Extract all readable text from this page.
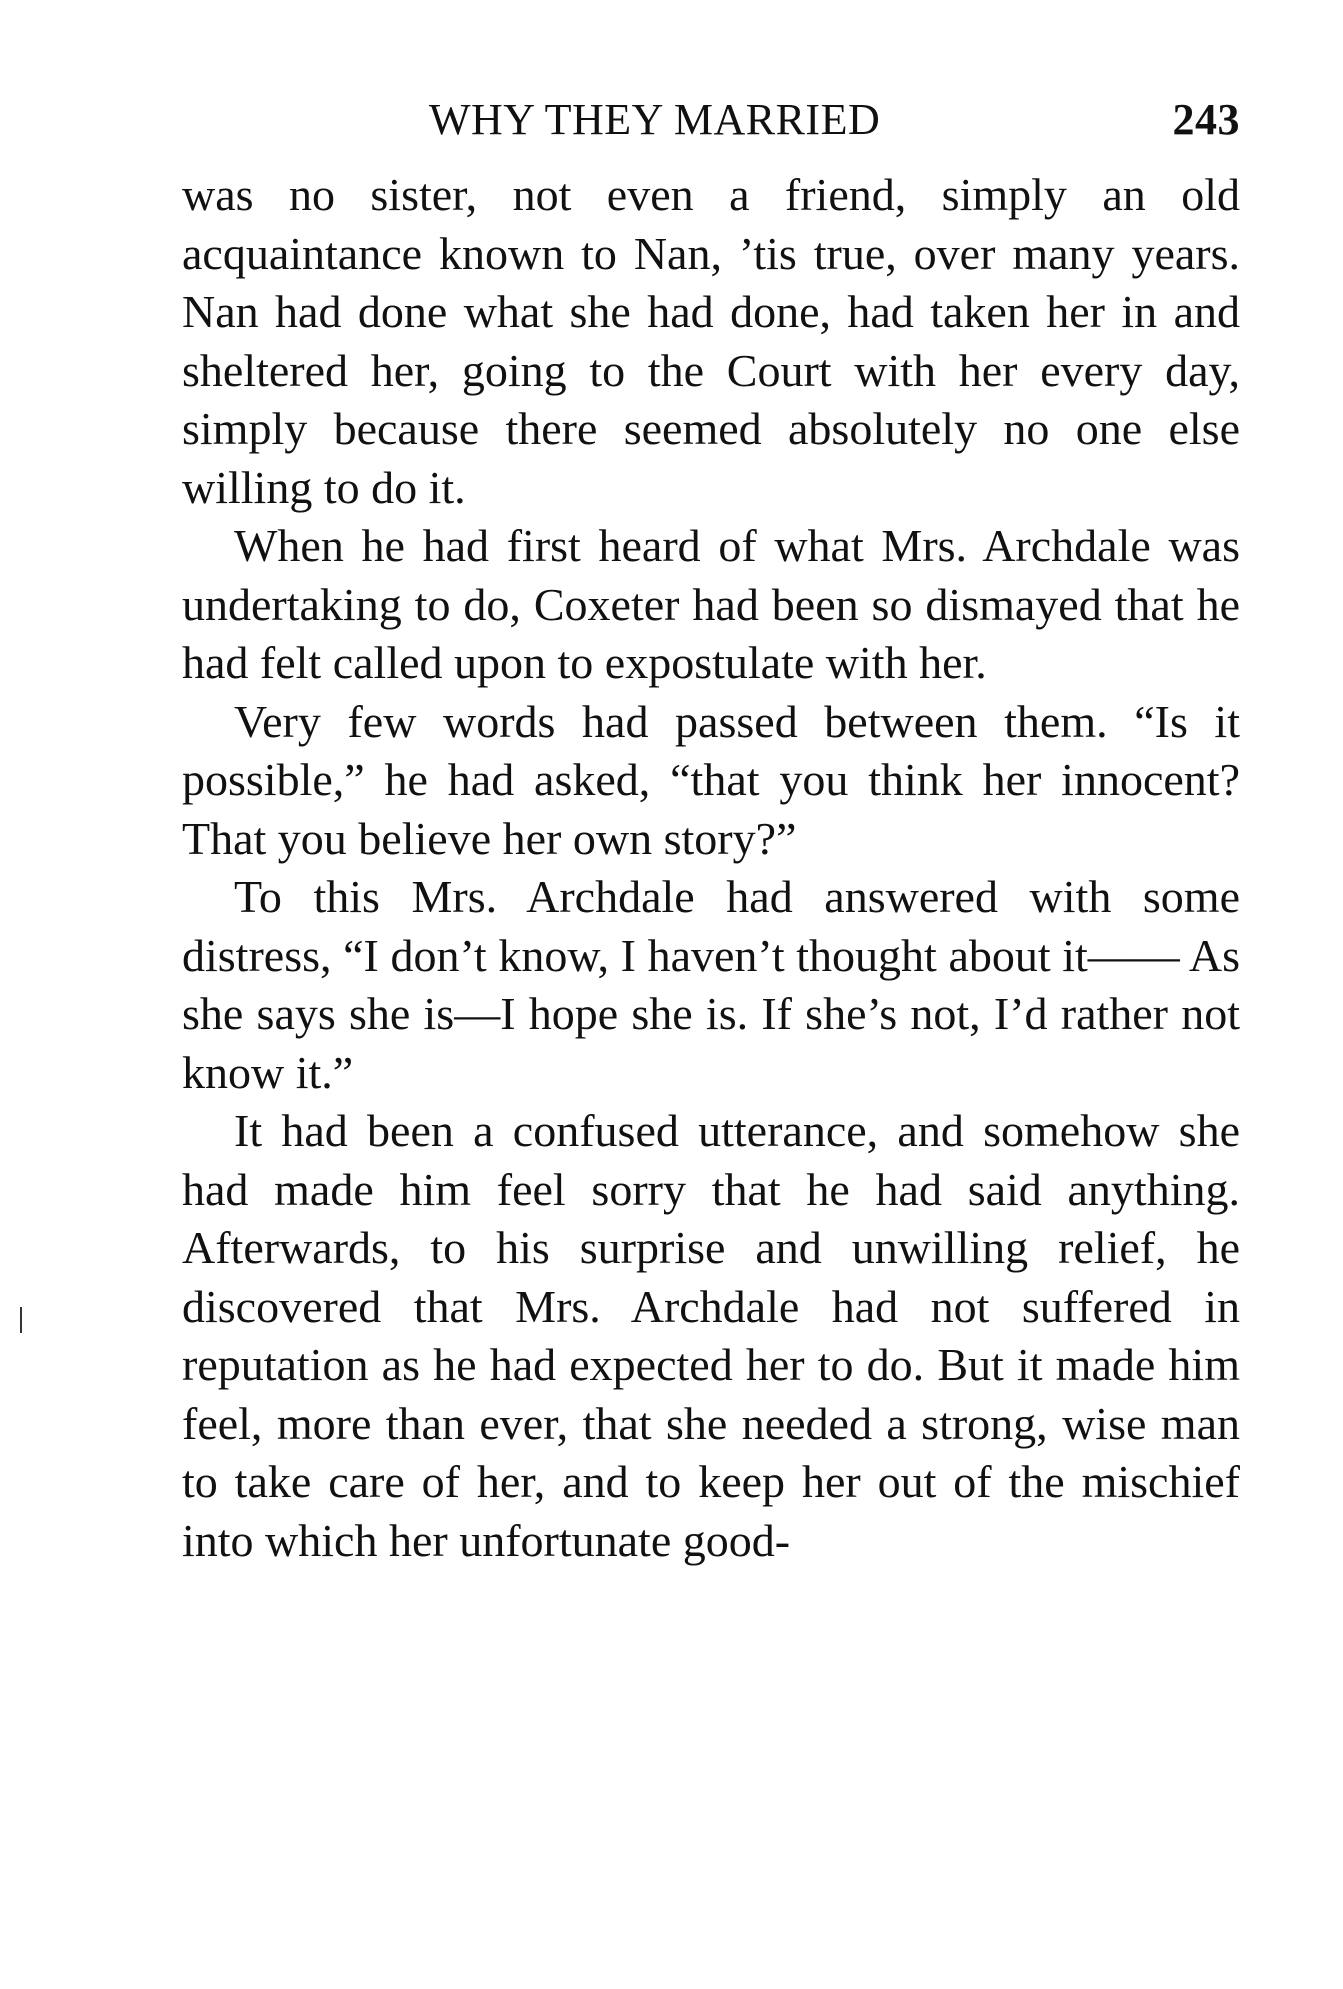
WHY THEY MARRIED	243

was no sister, not even a friend, simply an old acquaintance known to Nan, ’tis true, over many years. Nan had done what she had done, had taken her in and sheltered her, going to the Court with her every day, simply because there seemed absolutely no one else willing to do it.

When he had first heard of what Mrs. Archdale was undertaking to do, Coxeter had been so dismayed that he had felt called upon to expostulate with her.

Very few words had passed between them. “Is it possible,” he had asked, “that you think her innocent? That you believe her own story?”

To this Mrs. Archdale had answered with some distress, “I don’t know, I haven’t thought about it—— As she says she is—I hope she is. If she’s not, I’d rather not know it.”

It had been a confused utterance, and somehow she had made him feel sorry that he had said anything. Afterwards, to his surprise and unwilling relief, he discovered that Mrs. Archdale had not suffered in reputation as he had expected her to do. But it made him feel, more than ever, that she needed a strong, wise man to take care of her, and to keep her out of the mischief into which her unfortunate good-
